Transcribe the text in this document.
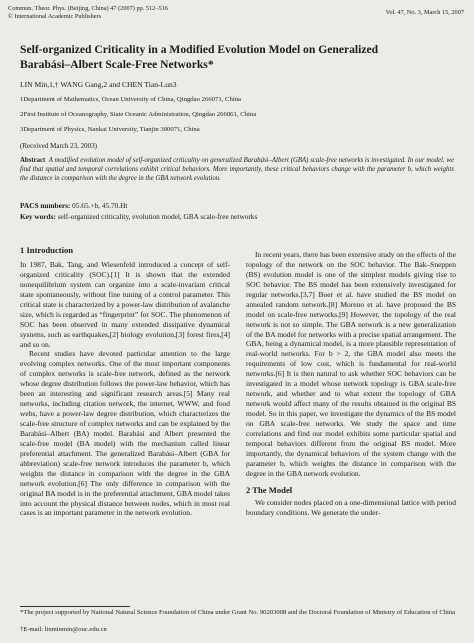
Commun. Theor. Phys. (Beijing, China) 47 (2007) pp. 512–516
© International Academic Publishers
Vol. 47, No. 3, March 15, 2007
Self-organized Criticality in a Modified Evolution Model on Generalized
Barabási–Albert Scale-Free Networks*
LIN Min,1,† WANG Gang,2 and CHEN Tian-Lun3
1Department of Mathematics, Ocean University of China, Qingdao 266071, China
2First Institute of Oceanography, State Oceanic Administration, Qingdao 266061, China
3Department of Physics, Nankai University, Tianjin 300071, China
(Received March 23, 2003)
Abstract A modified evolution model of self-organized criticality on generalized Barabási–Albert (GBA) scale-free networks is investigated. In our model, we find that spatial and temporal correlations exhibit critical behaviors. More importantly, these critical behaviors change with the parameter b, which weights the distance in comparison with the degree in the GBA network evolution.
PACS numbers: 05.65.+b, 45.70.Ht
Key words: self-organized criticality, evolution model, GBA scale-free networks
1 Introduction

In 1987, Bak, Tang, and Wiesenfeld introduced a concept of self-organized criticality (SOC).[1] It is shown that the extended nonequilibrium system can organize into a scale-invariant critical state spontaneously, without fine tuning of a control parameter. This critical state is characterized by a power-law distribution of avalanche size, which is regarded as “fingerprint” for SOC. The phenomenon of SOC has been observed in many extended dissipative dynamical systems, such as earthquakes,[2] biology evolution,[3] forest fires,[4] and so on.

Recent studies have devoted particular attention to the large evolving complex networks. One of the most important components of complex networks is scale-free network, defined as the network whose degree distribution follows the power-law behavior, which has been an interesting and significant research areas.[5] Many real networks, including citation network, the internet, WWW, and food webs, have a power-law degree distribution, which characterizes the scale-free structure of complex networks and can be explained by the Barabási–Albert (BA) model. Barabási and Albert presented the scale-free model (BA model) with the mechanism called linear preferential attachment. The generalized Barabási–Albert (GBA for abbreviation) scale-free network introduces the parameter b, which weights the distance in comparison with the degree in the GBA network evolution.[6] The only difference in comparison with the original BA model is in the preferential attachment, GBA model takes into account the physical distance between nodes, which in most real cases is an important parameter in the network evolution.

In recent years, there has been extensive study on the effects of the topology of the network on the SOC behavior. The Bak–Sneppen (BS) evolution model is one of the simplest models giving rise to SOC behavior. The BS model has been extensively investigated for regular networks.[3,7] Boer et al. have studied the BS model on annealed random network.[8] Moreno et al. have proposed the BS model on scale-free networks.[9] However, the topology of the real network is not so simple. The GBA network is a new generalization of the BA model for networks with a precise spatial arrangement. The GBA, being a dynamical model, is a more plausible representation of real-world networks. For b > 2, the GBA model also meets the requirements of low cost, which is fundamental for real-world networks.[6] It is then natural to ask whether SOC behaviors can be investigated in a model whose network topology is GBA scale-free network, and whether and to what extent the topology of GBA network would affect many of the results obtained in the original BS model. So in this paper, we investigate the dynamics of the BS model on GBA scale-free networks. We study the space and time correlations and find our model exhibits some particular spatial and temporal behaviors different from the original BS model. More importantly, the dynamical behaviors of the system change with the parameter b, which weights the distance in comparison with the degree in the GBA network evolution.

2 The Model

We consider nodes placed on a one-dimensional lattice with period boundary conditions. We generate the under-

*The project supported by National Natural Science Foundation of China under Grant No. 90203008 and the Doctoral Foundation of Ministry of Education of China
†E-mail: linminmin@ouc.edu.cn
